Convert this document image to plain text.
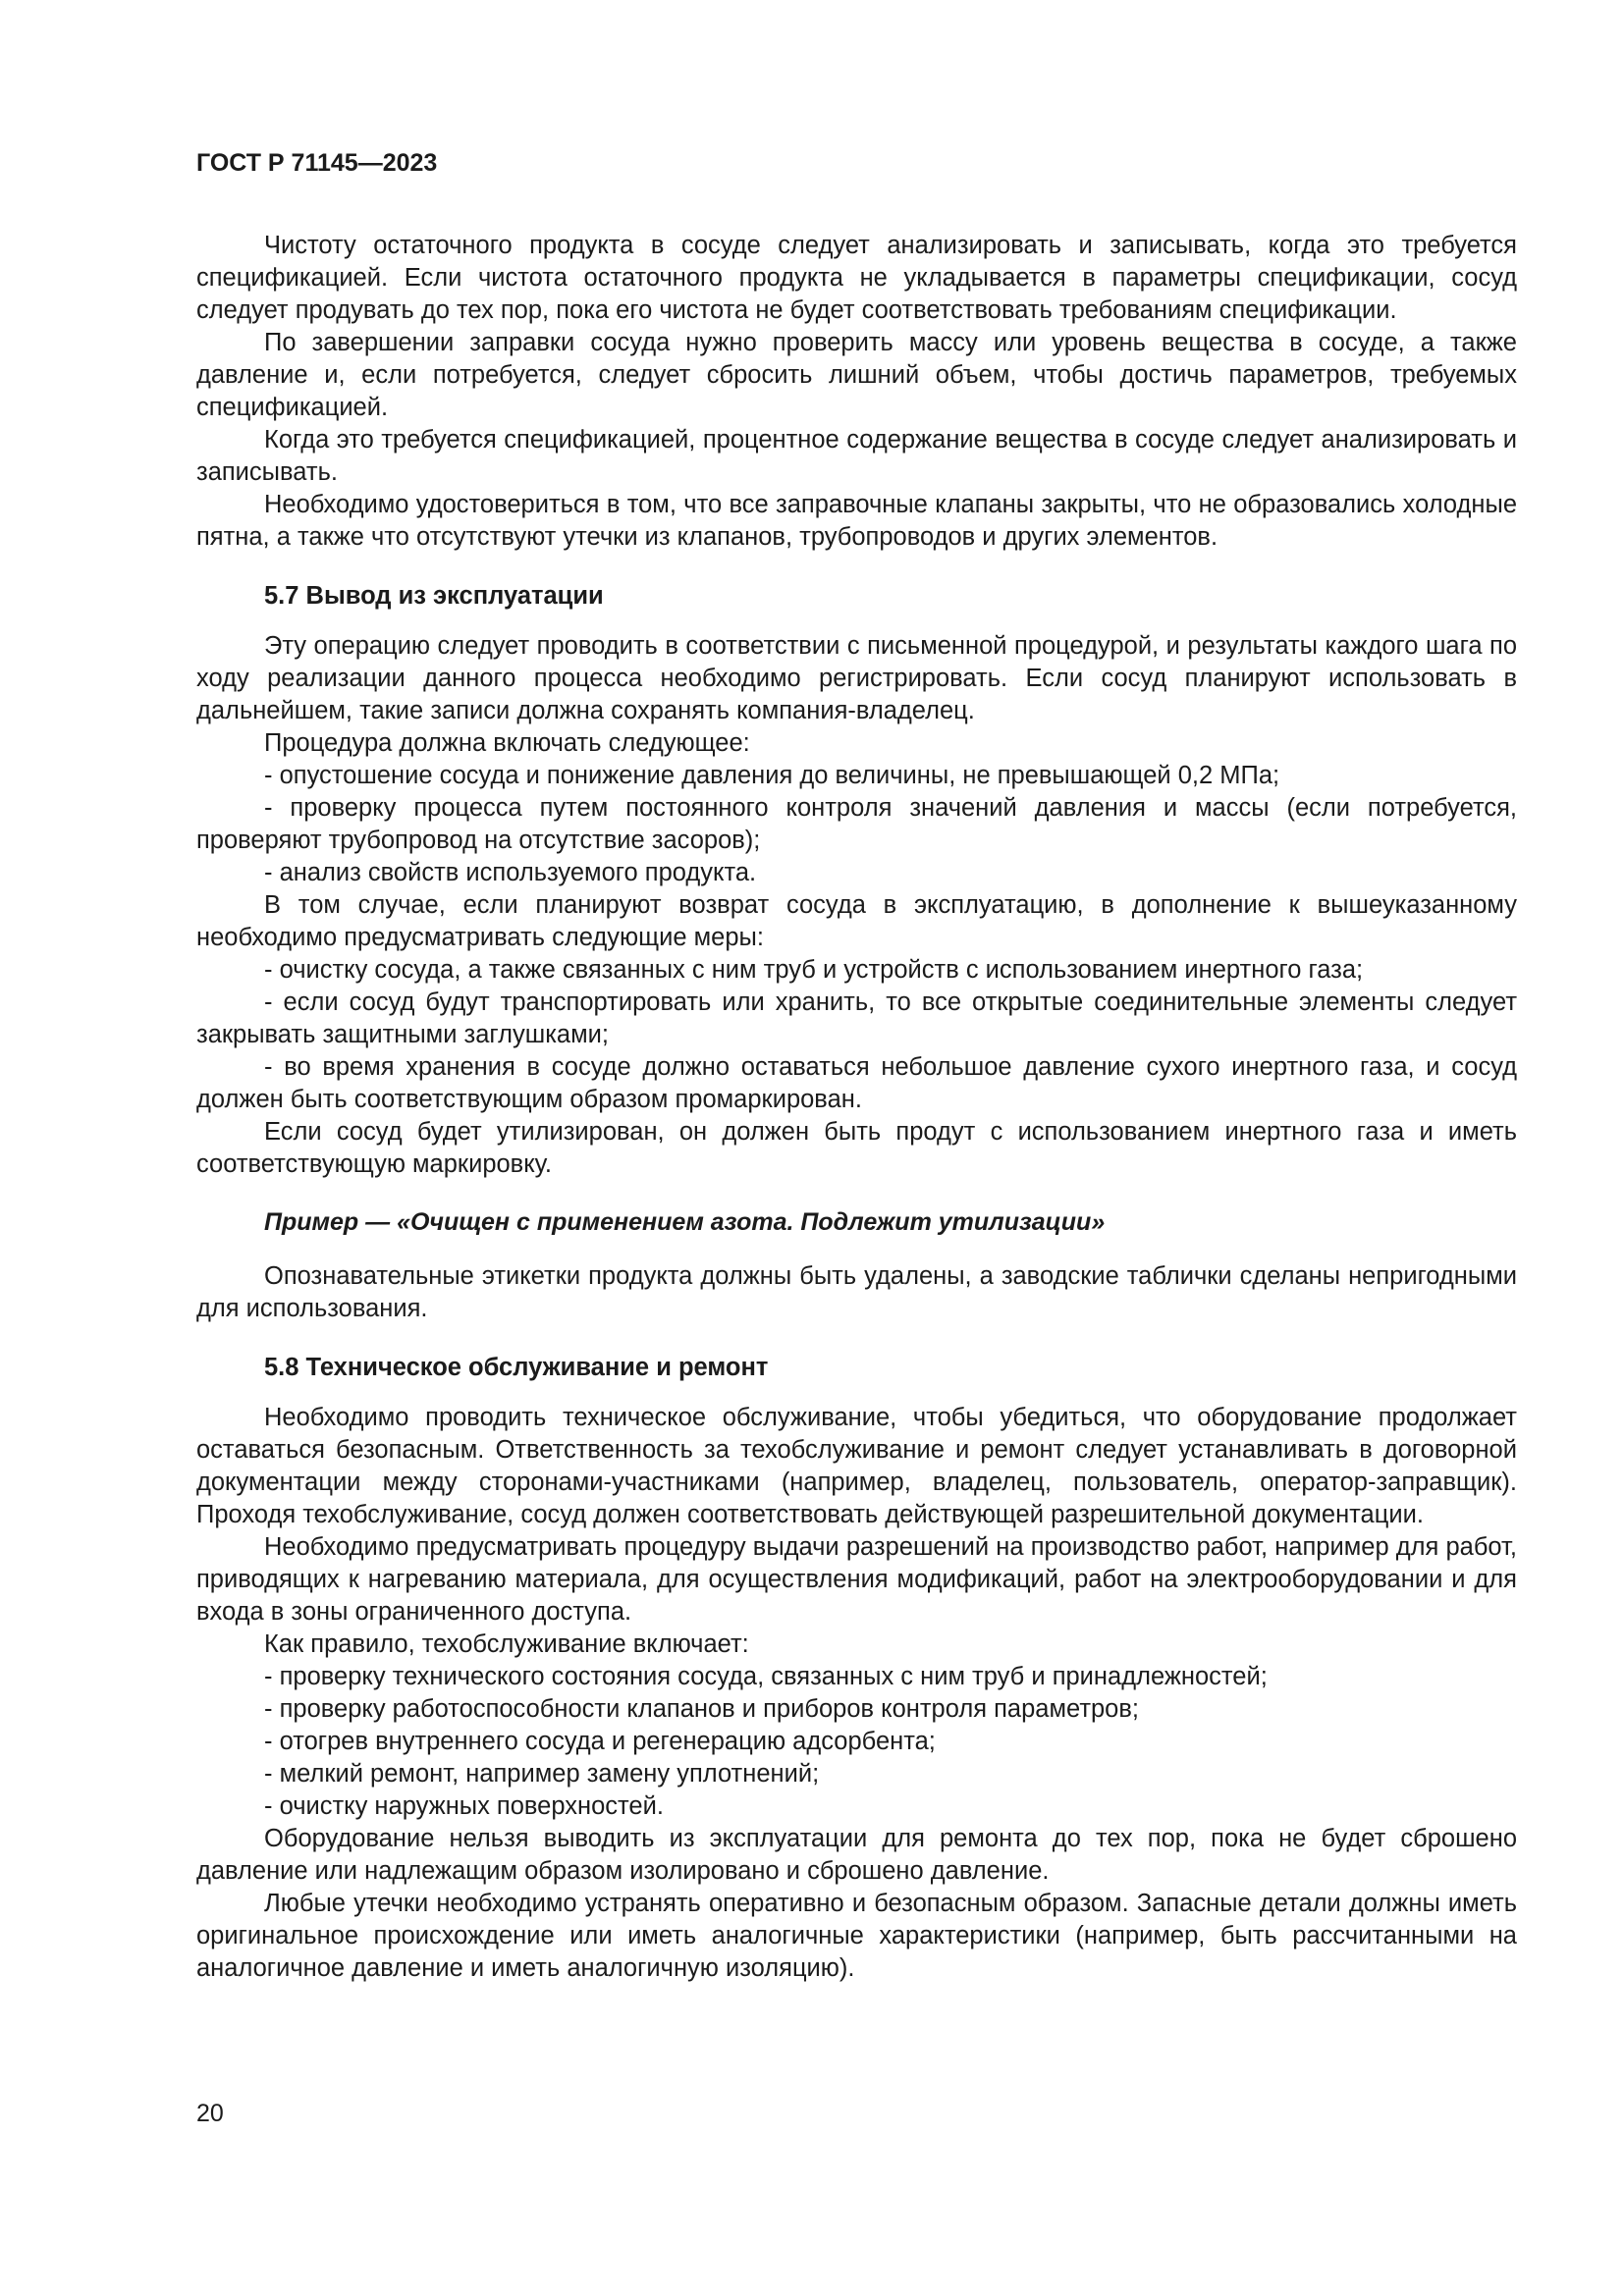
ГОСТ Р 71145—2023

Чистоту остаточного продукта в сосуде следует анализировать и записывать, когда это требуется спецификацией. Если чистота остаточного продукта не укладывается в параметры спецификации, сосуд следует продувать до тех пор, пока его чистота не будет соответствовать требованиям спецификации.

По завершении заправки сосуда нужно проверить массу или уровень вещества в сосуде, а также давление и, если потребуется, следует сбросить лишний объем, чтобы достичь параметров, требуемых спецификацией.

Когда это требуется спецификацией, процентное содержание вещества в сосуде следует анализировать и записывать.

Необходимо удостовериться в том, что все заправочные клапаны закрыты, что не образовались холодные пятна, а также что отсутствуют утечки из клапанов, трубопроводов и других элементов.

5.7 Вывод из эксплуатации

Эту операцию следует проводить в соответствии с письменной процедурой, и результаты каждого шага по ходу реализации данного процесса необходимо регистрировать. Если сосуд планируют использовать в дальнейшем, такие записи должна сохранять компания-владелец.

Процедура должна включать следующее:

- опустошение сосуда и понижение давления до величины, не превышающей 0,2 МПа;

- проверку процесса путем постоянного контроля значений давления и массы (если потребуется, проверяют трубопровод на отсутствие засоров);

- анализ свойств используемого продукта.

В том случае, если планируют возврат сосуда в эксплуатацию, в дополнение к вышеуказанному необходимо предусматривать следующие меры:

- очистку сосуда, а также связанных с ним труб и устройств с использованием инертного газа;

- если сосуд будут транспортировать или хранить, то все открытые соединительные элементы следует закрывать защитными заглушками;

- во время хранения в сосуде должно оставаться небольшое давление сухого инертного газа, и сосуд должен быть соответствующим образом промаркирован.

Если сосуд будет утилизирован, он должен быть продут с использованием инертного газа и иметь соответствующую маркировку.

Пример — «Очищен с применением азота. Подлежит утилизации»

Опознавательные этикетки продукта должны быть удалены, а заводские таблички сделаны непригодными для использования.

5.8 Техническое обслуживание и ремонт

Необходимо проводить техническое обслуживание, чтобы убедиться, что оборудование продолжает оставаться безопасным. Ответственность за техобслуживание и ремонт следует устанавливать в договорной документации между сторонами-участниками (например, владелец, пользователь, оператор-заправщик). Проходя техобслуживание, сосуд должен соответствовать действующей разрешительной документации.

Необходимо предусматривать процедуру выдачи разрешений на производство работ, например для работ, приводящих к нагреванию материала, для осуществления модификаций, работ на электрооборудовании и для входа в зоны ограниченного доступа.

Как правило, техобслуживание включает:

- проверку технического состояния сосуда, связанных с ним труб и принадлежностей;

- проверку работоспособности клапанов и приборов контроля параметров;

- отогрев внутреннего сосуда и регенерацию адсорбента;

- мелкий ремонт, например замену уплотнений;

- очистку наружных поверхностей.

Оборудование нельзя выводить из эксплуатации для ремонта до тех пор, пока не будет сброшено давление или надлежащим образом изолировано и сброшено давление.

Любые утечки необходимо устранять оперативно и безопасным образом. Запасные детали должны иметь оригинальное происхождение или иметь аналогичные характеристики (например, быть рассчитанными на аналогичное давление и иметь аналогичную изоляцию).

20
